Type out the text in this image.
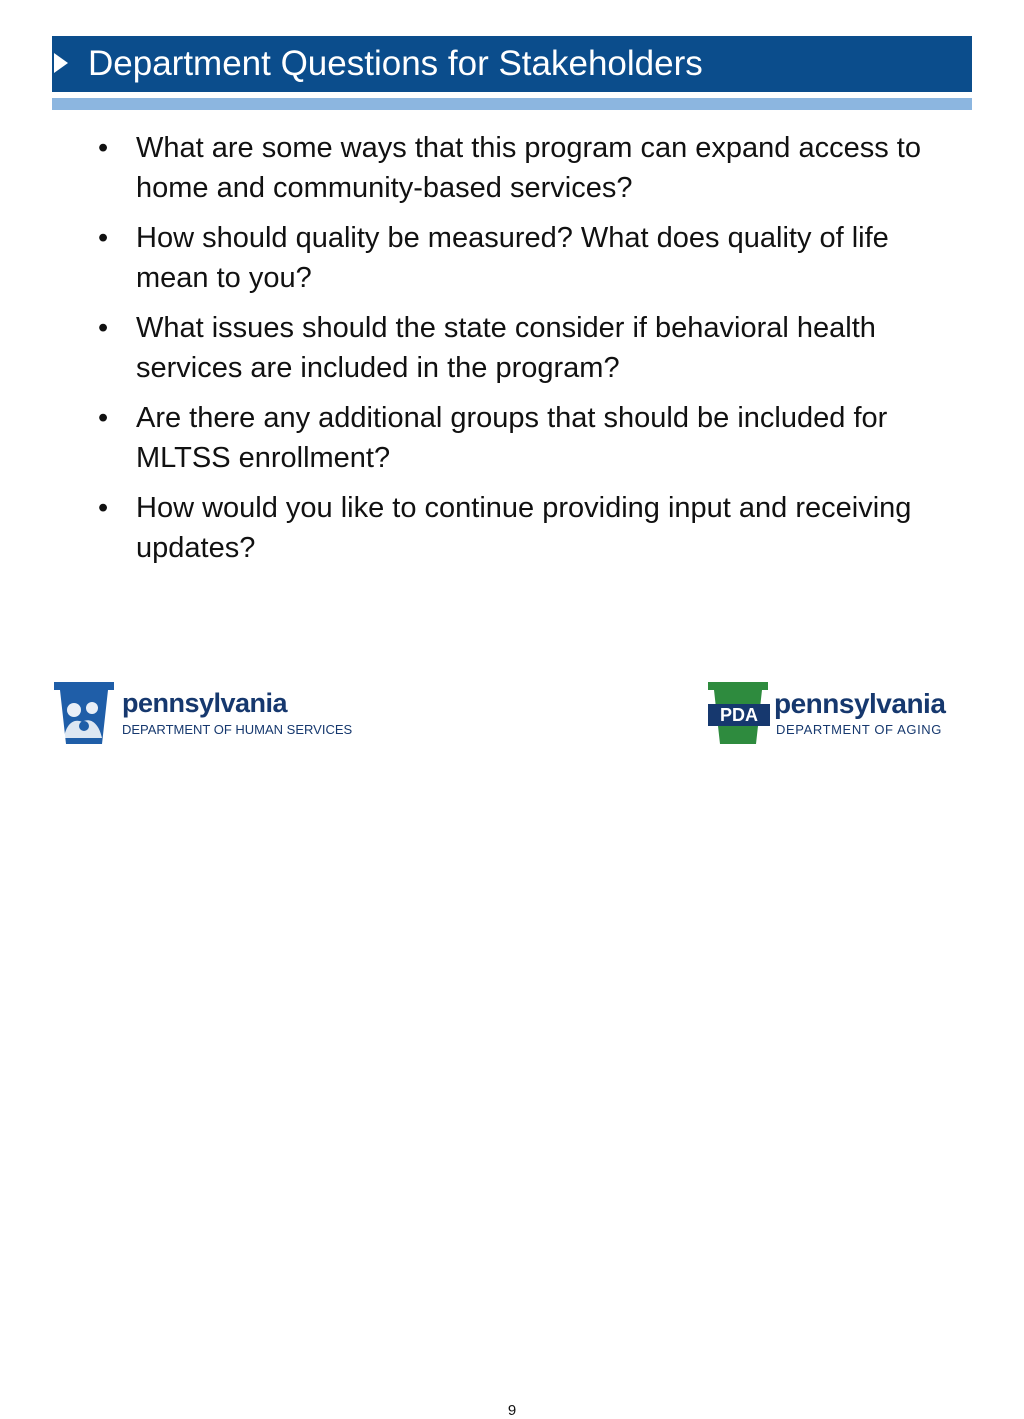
Department Questions for Stakeholders
• What are some ways that this program can expand access to home and community-based services?
• How should quality be measured? What does quality of life mean to you?
• What issues should the state consider if behavioral health services are included in the program?
• Are there any additional groups that should be included for MLTSS enrollment?
• How would you like to continue providing input and receiving updates?
pennsylvania
DEPARTMENT OF HUMAN SERVICES
9
PDA pennsylvania
DEPARTMENT OF AGING
